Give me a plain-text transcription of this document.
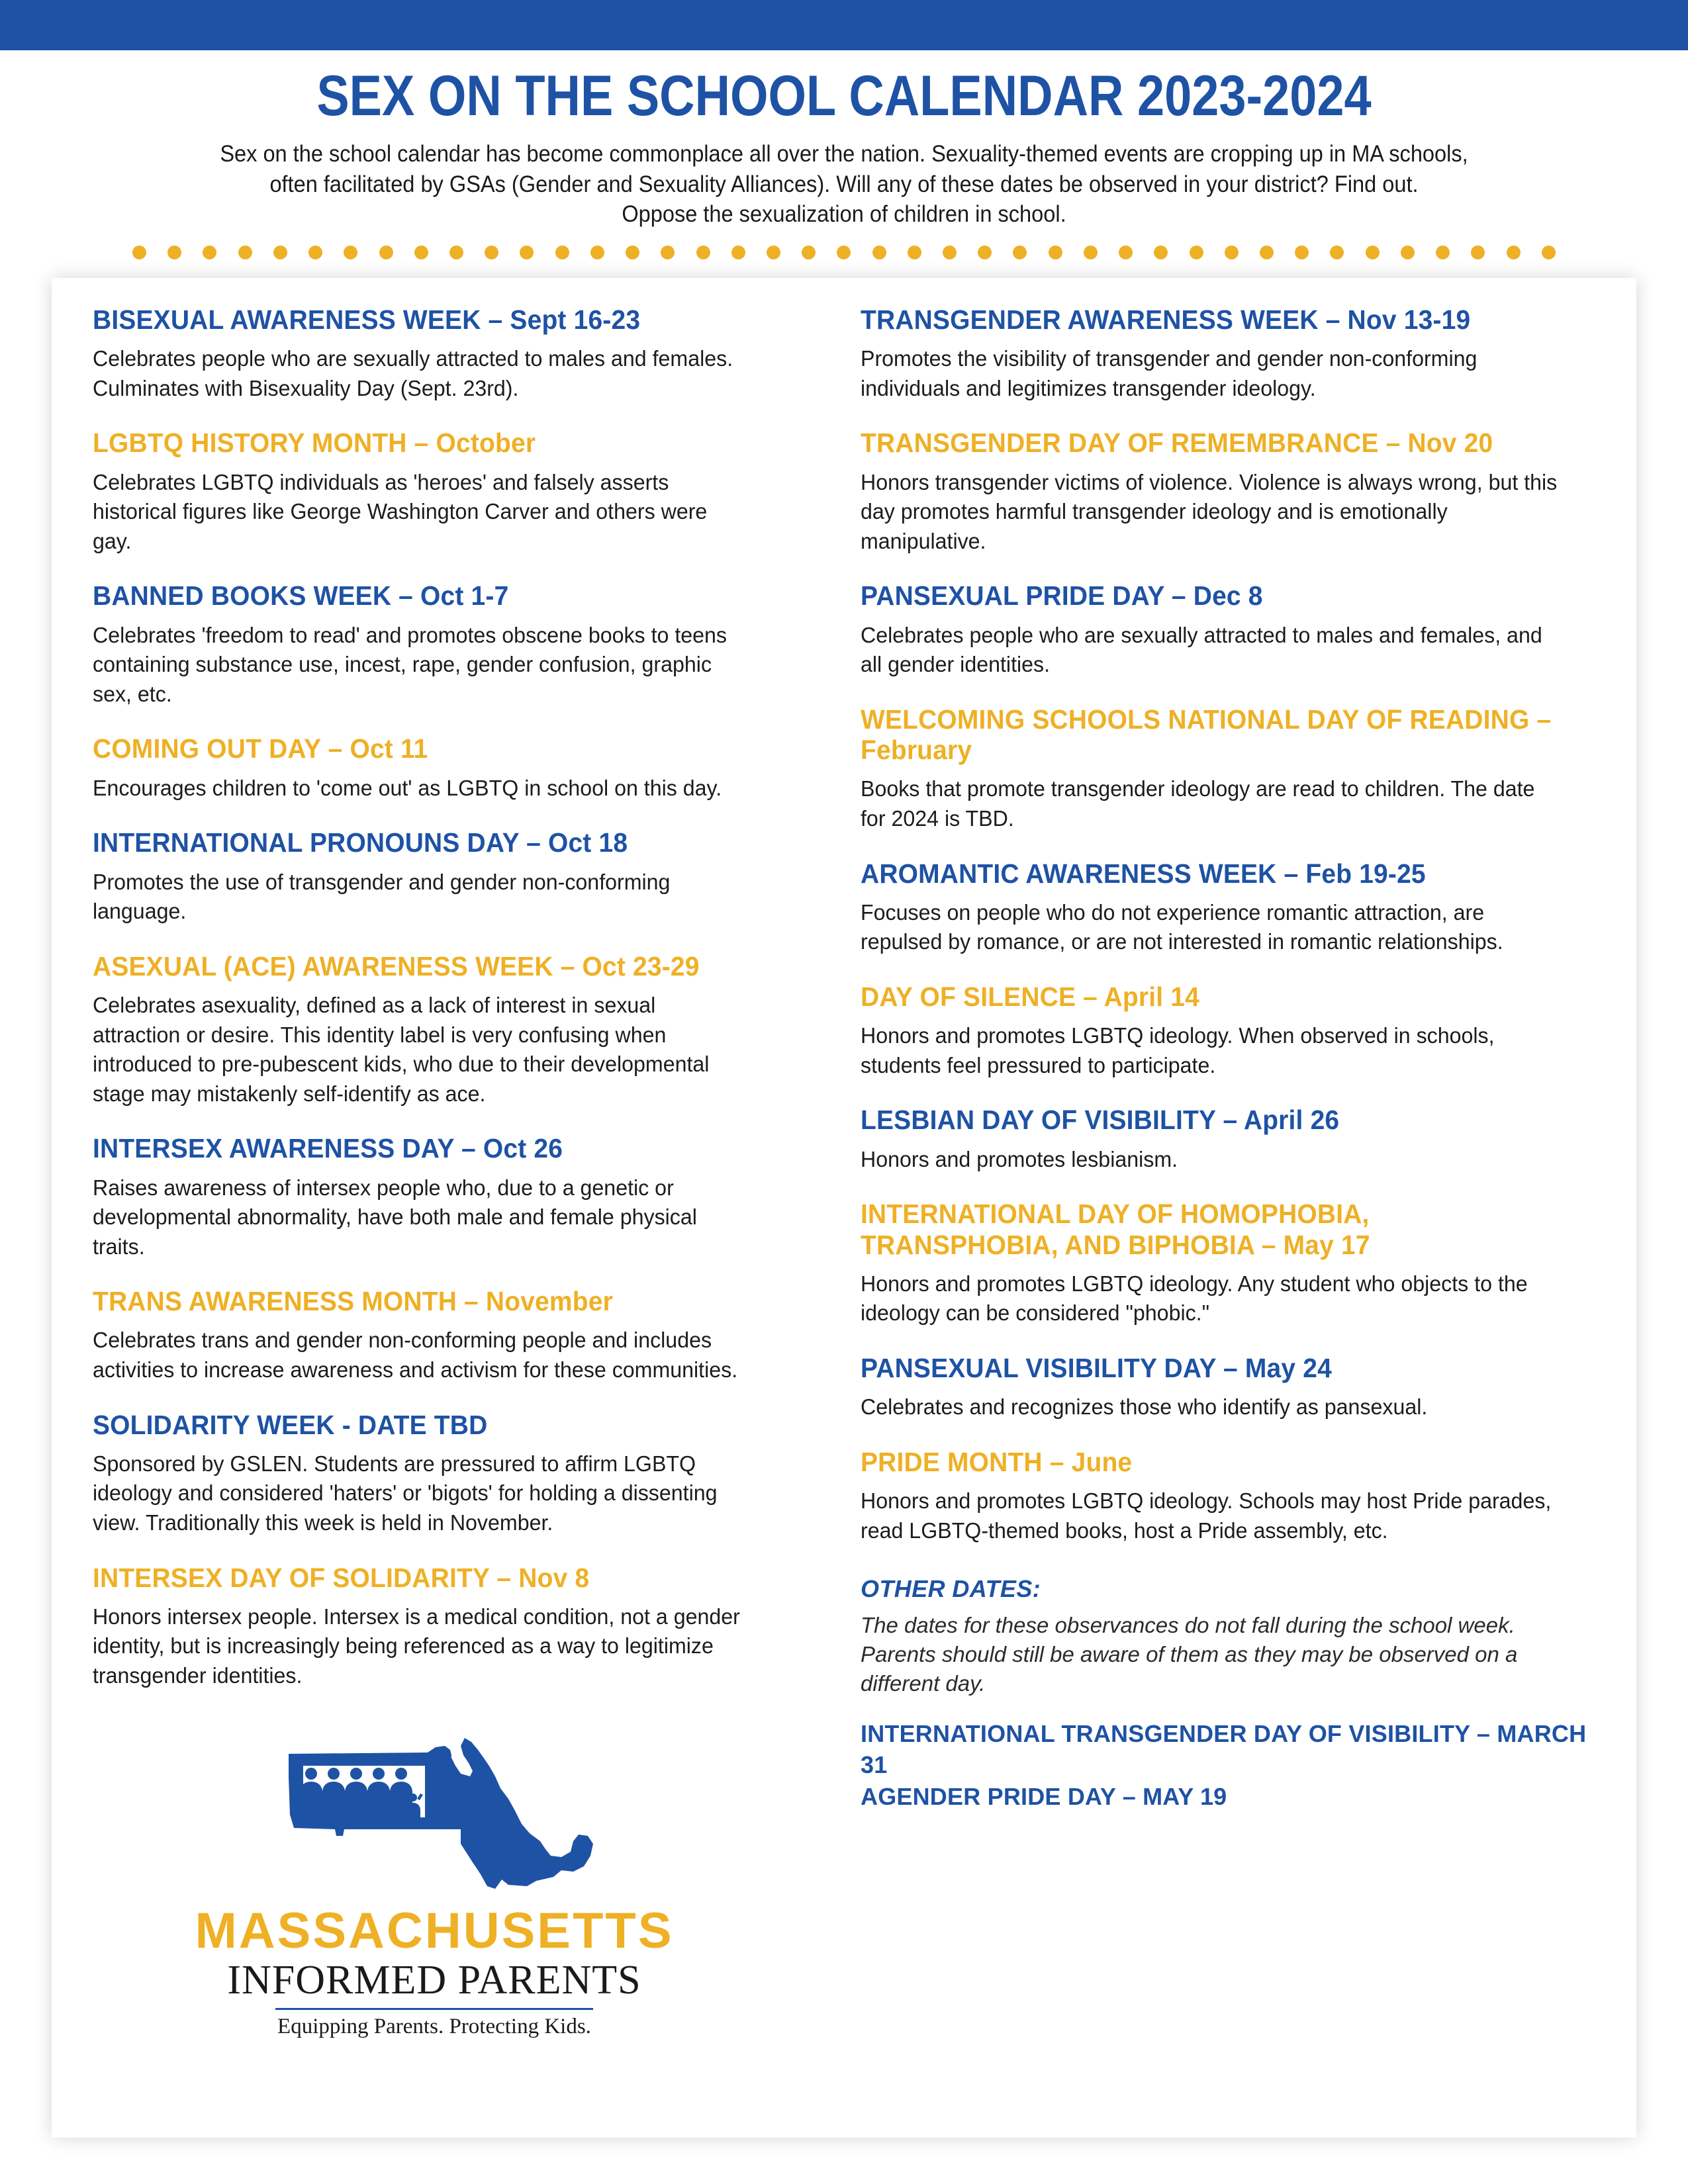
SEX ON THE SCHOOL CALENDAR 2023-2024
Sex on the school calendar has become commonplace all over the nation. Sexuality-themed events are cropping up in MA schools,
often facilitated by GSAs (Gender and Sexuality Alliances). Will any of these dates be observed in your district? Find out.
Oppose the sexualization of children in school.
BISEXUAL AWARENESS WEEK – Sept 16-23
Celebrates people who are sexually attracted to males and females. Culminates with Bisexuality Day (Sept. 23rd).
LGBTQ HISTORY MONTH – October
Celebrates LGBTQ individuals as 'heroes' and falsely asserts historical figures like George Washington Carver and others were gay.
BANNED BOOKS WEEK – Oct 1-7
Celebrates 'freedom to read' and promotes obscene books to teens containing substance use, incest, rape, gender confusion, graphic sex, etc.
COMING OUT DAY – Oct 11
Encourages children to 'come out' as LGBTQ in school on this day.
INTERNATIONAL PRONOUNS DAY – Oct 18
Promotes the use of transgender and gender non-conforming language.
ASEXUAL (ACE) AWARENESS WEEK – Oct 23-29
Celebrates asexuality, defined as a lack of interest in sexual attraction or desire. This identity label is very confusing when introduced to pre-pubescent kids, who due to their developmental stage may mistakenly self-identify as ace.
INTERSEX AWARENESS DAY – Oct 26
Raises awareness of intersex people who, due to a genetic or developmental abnormality, have both male and female physical traits.
TRANS AWARENESS MONTH – November
Celebrates trans and gender non-conforming people and includes activities to increase awareness and activism for these communities.
SOLIDARITY WEEK - DATE TBD
Sponsored by GSLEN. Students are pressured to affirm LGBTQ ideology and considered 'haters' or 'bigots' for holding a dissenting view. Traditionally this week is held in November.
INTERSEX DAY OF SOLIDARITY – Nov 8
Honors intersex people. Intersex is a medical condition, not a gender identity, but is increasingly being referenced as a way to legitimize transgender identities.
MASSACHUSETTS
INFORMED PARENTS
Equipping Parents. Protecting Kids.
TRANSGENDER AWARENESS WEEK – Nov 13-19
Promotes the visibility of transgender and gender non-conforming individuals and legitimizes transgender ideology.
TRANSGENDER DAY OF REMEMBRANCE – Nov 20
Honors transgender victims of violence. Violence is always wrong, but this day promotes harmful transgender ideology and is emotionally manipulative.
PANSEXUAL PRIDE DAY – Dec 8
Celebrates people who are sexually attracted to males and females, and all gender identities.
WELCOMING SCHOOLS NATIONAL DAY OF READING – February
Books that promote transgender ideology are read to children. The date for 2024 is TBD.
AROMANTIC AWARENESS WEEK – Feb 19-25
Focuses on people who do not experience romantic attraction, are repulsed by romance, or are not interested in romantic relationships.
DAY OF SILENCE – April 14
Honors and promotes LGBTQ ideology. When observed in schools, students feel pressured to participate.
LESBIAN DAY OF VISIBILITY – April 26
Honors and promotes lesbianism.
INTERNATIONAL DAY OF HOMOPHOBIA, TRANSPHOBIA, AND BIPHOBIA – May 17
Honors and promotes LGBTQ ideology. Any student who objects to the ideology can be considered "phobic."
PANSEXUAL VISIBILITY DAY – May 24
Celebrates and recognizes those who identify as pansexual.
PRIDE MONTH – June
Honors and promotes LGBTQ ideology. Schools may host Pride parades, read LGBTQ-themed books, host a Pride assembly, etc.
OTHER DATES:
The dates for these observances do not fall during the school week. Parents should still be aware of them as they may be observed on a different day.
INTERNATIONAL TRANSGENDER DAY OF VISIBILITY – MARCH 31
AGENDER PRIDE DAY – MAY 19
